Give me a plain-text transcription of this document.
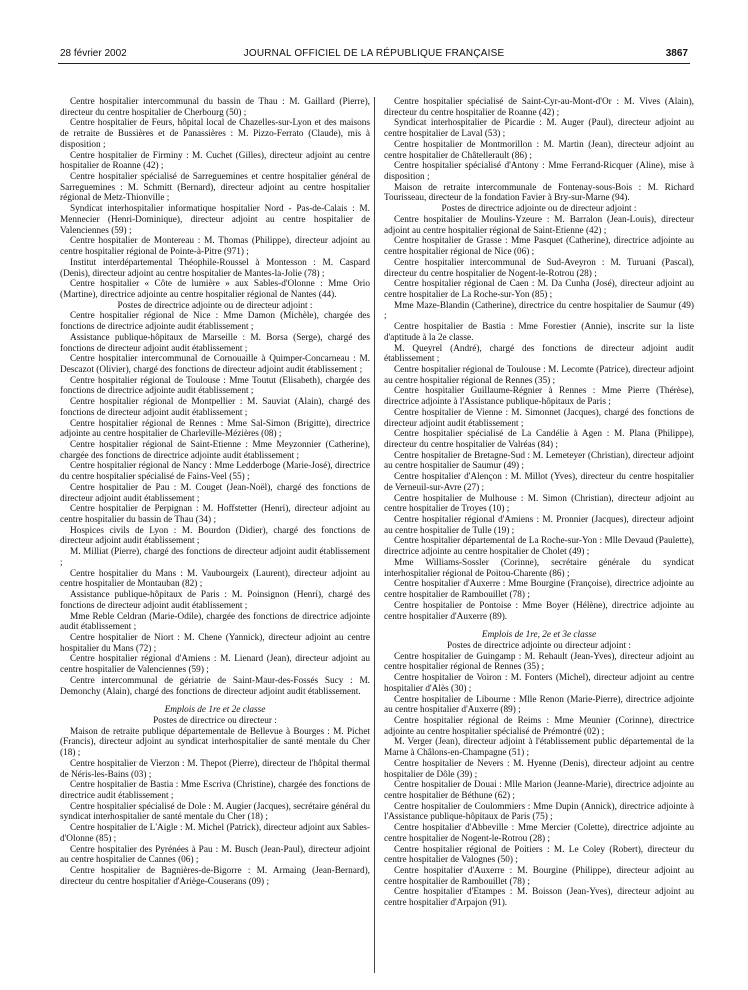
28 février 2002	JOURNAL OFFICIEL DE LA RÉPUBLIQUE FRANÇAISE	3867

Centre hospitalier intercommunal du bassin de Thau : M. Gaillard (Pierre), directeur du centre hospitalier de Cherbourg (50) ;

Centre hospitalier de Feurs, hôpital local de Chazelles-sur-Lyon et des maisons de retraite de Bussières et de Panassières : M. Pizzo-Ferrato (Claude), mis à disposition ;

Centre hospitalier de Firminy : M. Cuchet (Gilles), directeur adjoint au centre hospitalier de Roanne (42) ;

Centre hospitalier spécialisé de Sarreguemines et centre hospitalier général de Sarreguemines : M. Schmitt (Bernard), directeur adjoint au centre hospitalier régional de Metz-Thionville ;

Syndicat interhospitalier informatique hospitalier Nord - Pas-de-Calais : M. Mennecier (Henri-Dominique), directeur adjoint au centre hospitalier de Valenciennes (59) ;

Centre hospitalier de Montereau : M. Thomas (Philippe), directeur adjoint au centre hospitalier régional de Pointe-à-Pitre (971) ;

Institut interdépartemental Théophile-Roussel à Montesson : M. Caspard (Denis), directeur adjoint au centre hospitalier de Mantes-la-Jolie (78) ;

Centre hospitalier « Côte de lumière » aux Sables-d'Olonne : Mme Orio (Martine), directrice adjointe au centre hospitalier régional de Nantes (44).

Postes de directrice adjointe ou de directeur adjoint :

Centre hospitalier régional de Nice : Mme Damon (Michèle), chargée des fonctions de directrice adjointe audit établissement ;

Assistance publique-hôpitaux de Marseille : M. Borsa (Serge), chargé des fonctions de directeur adjoint audit établissement ;

Centre hospitalier intercommunal de Cornouaille à Quimper-Concarneau : M. Descazot (Olivier), chargé des fonctions de directeur adjoint audit établissement ;

Centre hospitalier régional de Toulouse : Mme Toutut (Elisabeth), chargée des fonctions de directrice adjointe audit établissement ;

Centre hospitalier régional de Montpellier : M. Sauviat (Alain), chargé des fonctions de directeur adjoint audit établissement ;

Centre hospitalier régional de Rennes : Mme Sal-Simon (Brigitte), directrice adjointe au centre hospitalier de Charleville-Mézières (08) ;

Centre hospitalier régional de Saint-Etienne : Mme Meyzonnier (Catherine), chargée des fonctions de directrice adjointe audit établissement ;

Centre hospitalier régional de Nancy : Mme Ledderboge (Marie-José), directrice du centre hospitalier spécialisé de Fains-Veel (55) ;

Centre hospitalier de Pau : M. Couget (Jean-Noël), chargé des fonctions de directeur adjoint audit établissement ;

Centre hospitalier de Perpignan : M. Hoffstetter (Henri), directeur adjoint au centre hospitalier du bassin de Thau (34) ;

Hospices civils de Lyon : M. Bourdon (Didier), chargé des fonctions de directeur adjoint audit établissement ;

M. Milliat (Pierre), chargé des fonctions de directeur adjoint audit établissement ;

Centre hospitalier du Mans : M. Vaubourgeix (Laurent), directeur adjoint au centre hospitalier de Montauban (82) ;

Assistance publique-hôpitaux de Paris : M. Poinsignon (Henri), chargé des fonctions de directeur adjoint audit établissement ;

Mme Reble Celdran (Marie-Odile), chargée des fonctions de directrice adjointe audit établissement ;

Centre hospitalier de Niort : M. Chene (Yannick), directeur adjoint au centre hospitalier du Mans (72) ;

Centre hospitalier régional d'Amiens : M. Lienard (Jean), directeur adjoint au centre hospitalier de Valenciennes (59) ;

Centre intercommunal de gériatrie de Saint-Maur-des-Fossés Sucy : M. Demonchy (Alain), chargé des fonctions de directeur adjoint audit établissement.

Emplois de 1re et 2e classe

Postes de directrice ou directeur :

Maison de retraite publique départementale de Bellevue à Bourges : M. Pichet (Francis), directeur adjoint au syndicat interhospitalier de santé mentale du Cher (18) ;

Centre hospitalier de Vierzon : M. Thepot (Pierre), directeur de l'hôpital thermal de Néris-les-Bains (03) ;

Centre hospitalier de Bastia : Mme Escriva (Christine), chargée des fonctions de directrice audit établissement ;

Centre hospitalier spécialisé de Dole : M. Augier (Jacques), secrétaire général du syndicat interhospitalier de santé mentale du Cher (18) ;

Centre hospitalier de L'Aigle : M. Michel (Patrick), directeur adjoint aux Sables-d'Olonne (85) ;

Centre hospitalier des Pyrénées à Pau : M. Busch (Jean-Paul), directeur adjoint au centre hospitalier de Cannes (06) ;

Centre hospitalier de Bagnières-de-Bigorre : M. Armaing (Jean-Bernard), directeur du centre hospitalier d'Ariège-Couserans (09) ;

Centre hospitalier spécialisé de Saint-Cyr-au-Mont-d'Or : M. Vives (Alain), directeur du centre hospitalier de Roanne (42) ;

Syndicat interhospitalier de Picardie : M. Auger (Paul), directeur adjoint au centre hospitalier de Laval (53) ;

Centre hospitalier de Montmorillon : M. Martin (Jean), directeur adjoint au centre hospitalier de Châtellerault (86) ;

Centre hospitalier spécialisé d'Antony : Mme Ferrand-Ricquer (Aline), mise à disposition ;

Maison de retraite intercommunale de Fontenay-sous-Bois : M. Richard Tourisseau, directeur de la fondation Favier à Bry-sur-Marne (94).

Postes de directrice adjointe ou de directeur adjoint :

Centre hospitalier de Moulins-Yzeure : M. Barralon (Jean-Louis), directeur adjoint au centre hospitalier régional de Saint-Etienne (42) ;

Centre hospitalier de Grasse : Mme Pasquet (Catherine), directrice adjointe au centre hospitalier régional de Nice (06) ;

Centre hospitalier intercommunal de Sud-Aveyron : M. Turuani (Pascal), directeur du centre hospitalier de Nogent-le-Rotrou (28) ;

Centre hospitalier régional de Caen : M. Da Cunha (José), directeur adjoint au centre hospitalier de La Roche-sur-Yon (85) ;

Mme Maze-Blandin (Catherine), directrice du centre hospitalier de Saumur (49) ;

Centre hospitalier de Bastia : Mme Forestier (Annie), inscrite sur la liste d'aptitude à la 2e classe.

M. Queyrel (André), chargé des fonctions de directeur adjoint audit établissement ;

Centre hospitalier régional de Toulouse : M. Lecomte (Patrice), directeur adjoint au centre hospitalier régional de Rennes (35) ;

Centre hospitalier Guillaume-Régnier à Rennes : Mme Pierre (Thérèse), directrice adjointe à l'Assistance publique-hôpitaux de Paris ;

Centre hospitalier de Vienne : M. Simonnet (Jacques), chargé des fonctions de directeur adjoint audit établissement ;

Centre hospitalier spécialisé de La Candélie à Agen : M. Plana (Philippe), directeur du centre hospitalier de Valréas (84) ;

Centre hospitalier de Bretagne-Sud : M. Lemeteyer (Christian), directeur adjoint au centre hospitalier de Saumur (49) ;

Centre hospitalier d'Alençon : M. Millot (Yves), directeur du centre hospitalier de Verneuil-sur-Avre (27) ;

Centre hospitalier de Mulhouse : M. Simon (Christian), directeur adjoint au centre hospitalier de Troyes (10) ;

Centre hospitalier régional d'Amiens : M. Pronnier (Jacques), directeur adjoint au centre hospitalier de Tulle (19) ;

Centre hospitalier départemental de La Roche-sur-Yon : Mlle Devaud (Paulette), directrice adjointe au centre hospitalier de Cholet (49) ;

Mme Williams-Sossler (Corinne), secrétaire générale du syndicat interhospitalier régional de Poitou-Charente (86) ;

Centre hospitalier d'Auxerre : Mme Bourgine (Françoise), directrice adjointe au centre hospitalier de Rambouillet (78) ;

Centre hospitalier de Pontoise : Mme Boyer (Hélène), directrice adjointe au centre hospitalier d'Auxerre (89).

Emplois de 1re, 2e et 3e classe

Postes de directrice adjointe ou directeur adjoint :

Centre hospitalier de Guingamp : M. Rehault (Jean-Yves), directeur adjoint au centre hospitalier régional de Rennes (35) ;

Centre hospitalier de Voiron : M. Fonters (Michel), directeur adjoint au centre hospitalier d'Alès (30) ;

Centre hospitalier de Libourne : Mlle Renon (Marie-Pierre), directrice adjointe au centre hospitalier d'Auxerre (89) ;

Centre hospitalier régional de Reims : Mme Meunier (Corinne), directrice adjointe au centre hospitalier spécialisé de Prémontré (02) ;

M. Verger (Jean), directeur adjoint à l'établissement public départemental de la Marne à Châlons-en-Champagne (51) ;

Centre hospitalier de Nevers : M. Hyenne (Denis), directeur adjoint au centre hospitalier de Dôle (39) ;

Centre hospitalier de Douai : Mlle Marion (Jeanne-Marie), directrice adjointe au centre hospitalier de Béthune (62) ;

Centre hospitalier de Coulommiers : Mme Dupin (Annick), directrice adjointe à l'Assistance publique-hôpitaux de Paris (75) ;

Centre hospitalier d'Abbeville : Mme Mercier (Colette), directrice adjointe au centre hospitalier de Nogent-le-Rotrou (28) ;

Centre hospitalier régional de Poitiers : M. Le Coley (Robert), directeur du centre hospitalier de Valognes (50) ;

Centre hospitalier d'Auxerre : M. Bourgine (Philippe), directeur adjoint au centre hospitalier de Rambouillet (78) ;

Centre hospitalier d'Etampes : M. Boisson (Jean-Yves), directeur adjoint au centre hospitalier d'Arpajon (91).
